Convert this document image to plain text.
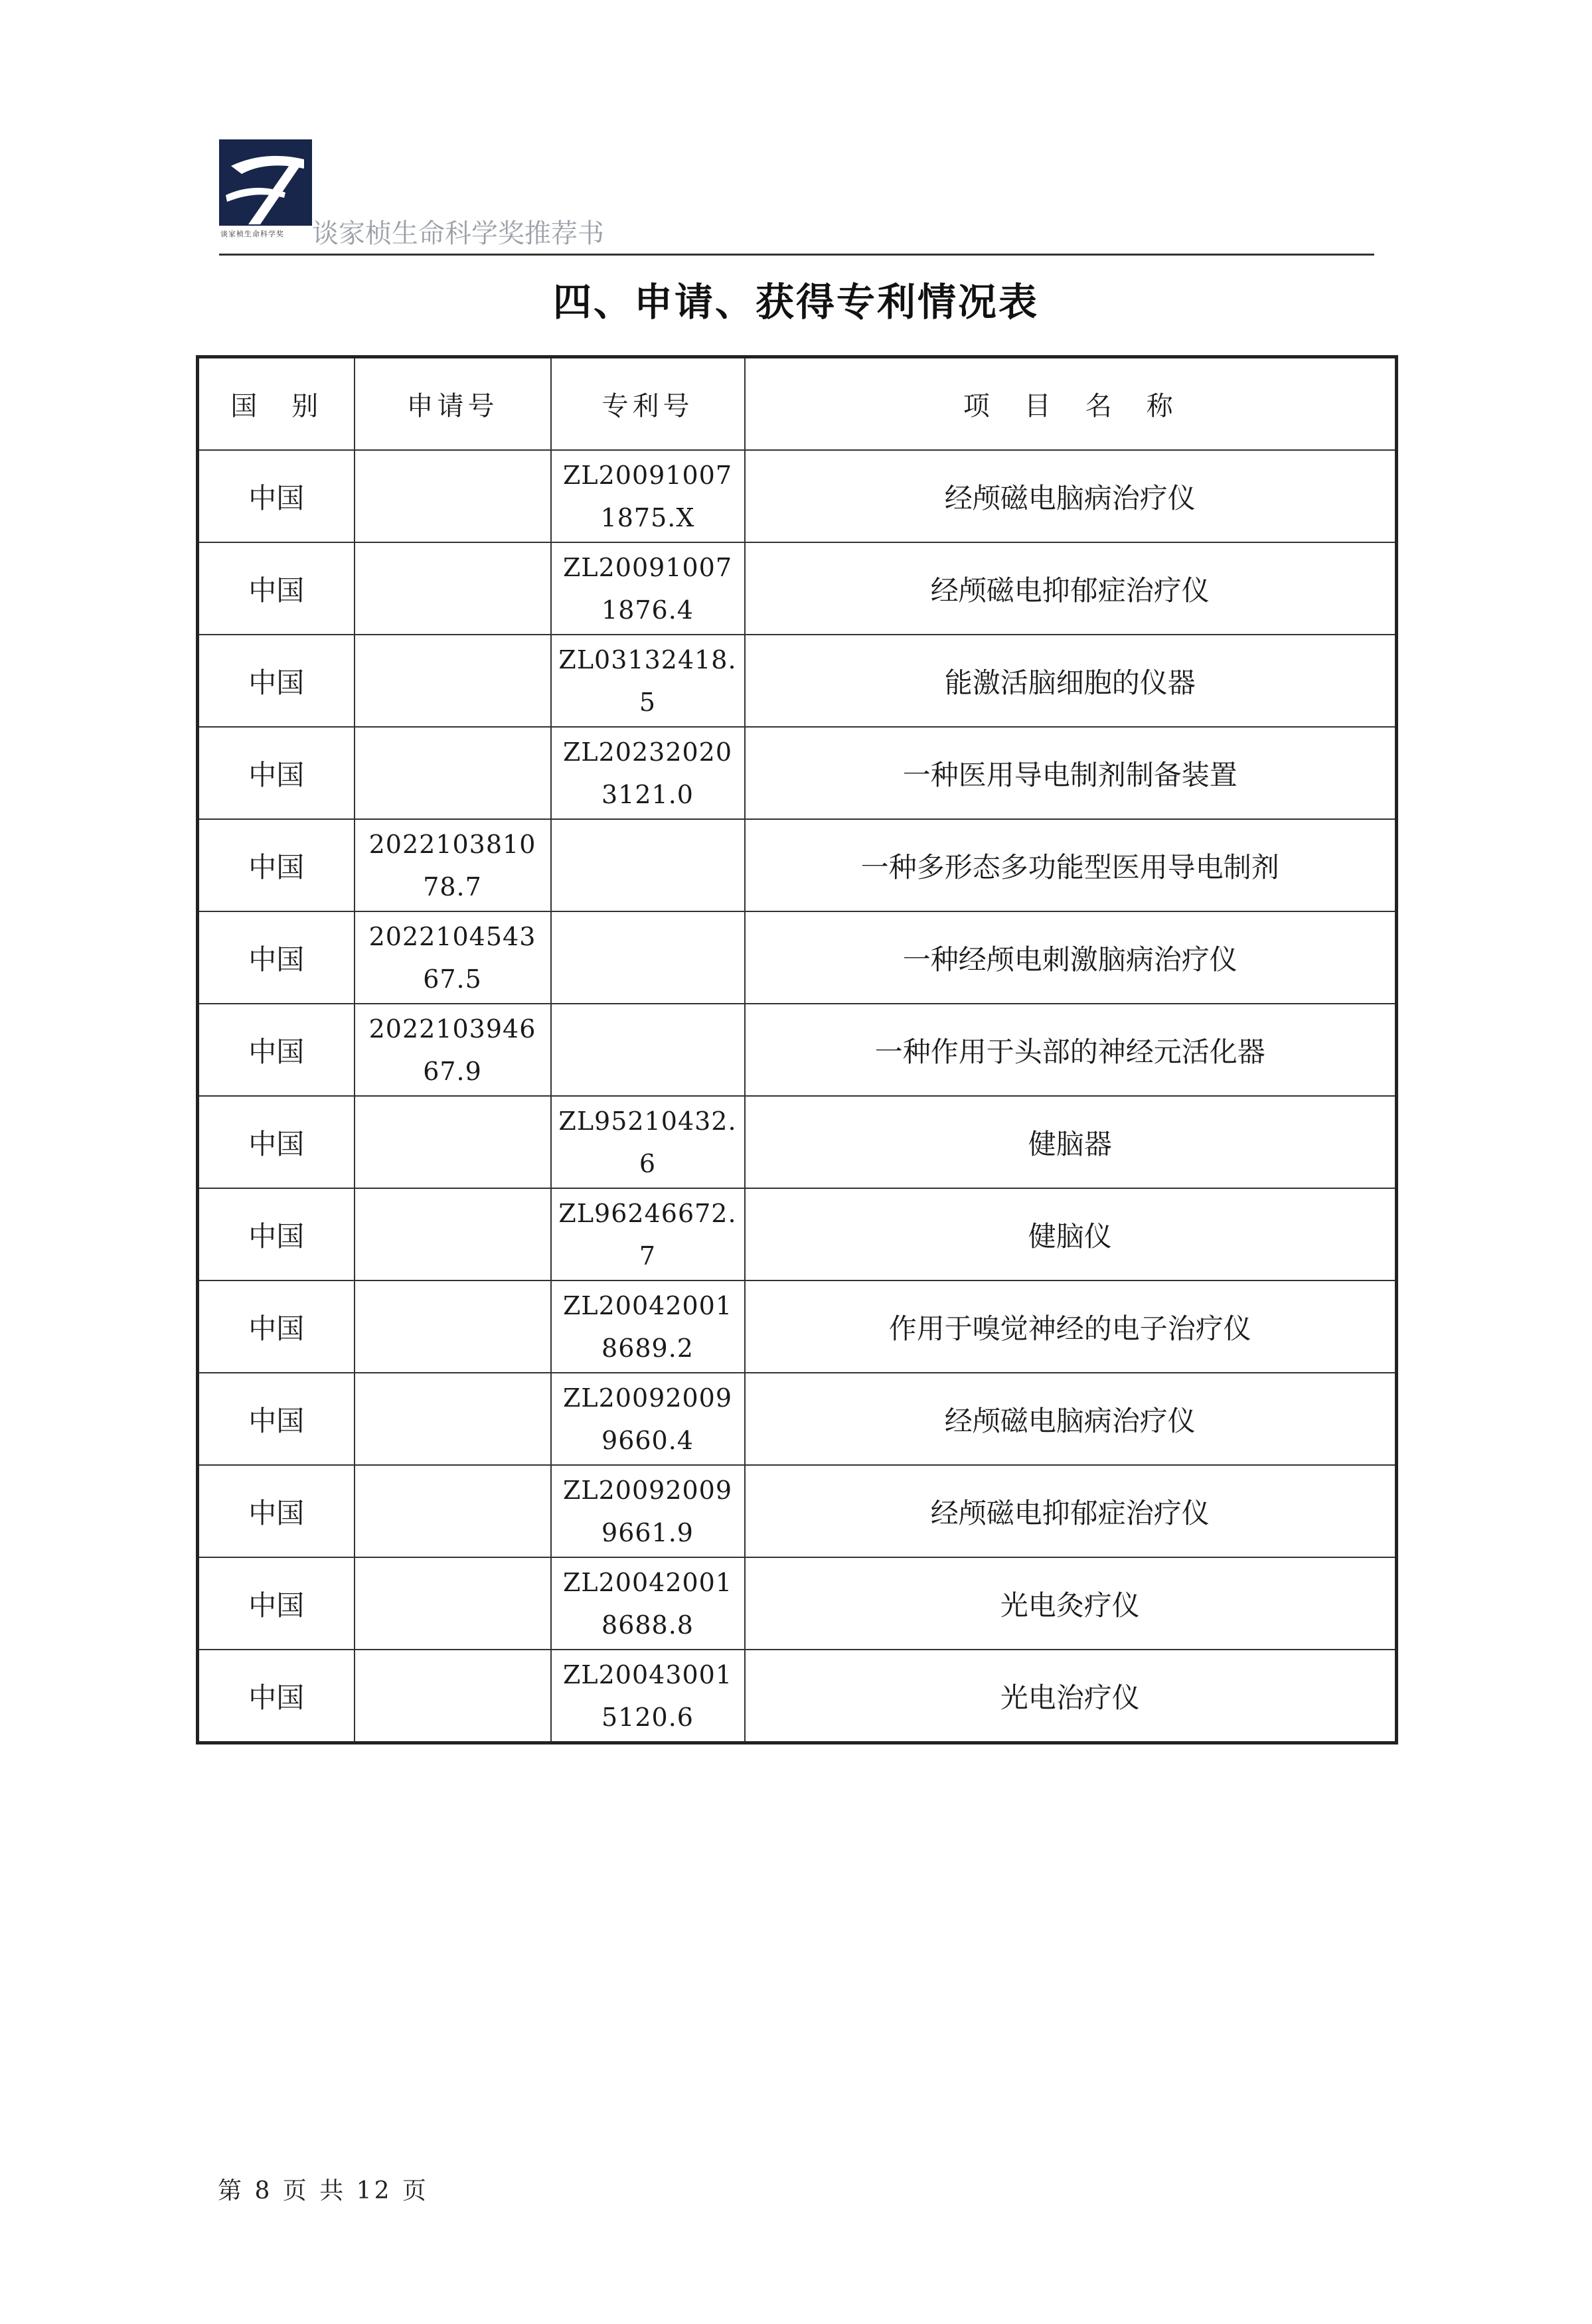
谈家桢生命科学奖	谈家桢生命科学奖推荐书
四、申请、获得专利情况表
国　别	申请号	专利号	项　目　名　称
中国		ZL200910071875.X	经颅磁电脑病治疗仪
中国		ZL200910071876.4	经颅磁电抑郁症治疗仪
中国		ZL03132418.5	能激活脑细胞的仪器
中国		ZL202320203121.0	一种医用导电制剂制备装置
中国	202210381078.7		一种多形态多功能型医用导电制剂
中国	202210454367.5		一种经颅电刺激脑病治疗仪
中国	202210394667.9		一种作用于头部的神经元活化器
中国		ZL95210432.6	健脑器
中国		ZL96246672.7	健脑仪
中国		ZL200420018689.2	作用于嗅觉神经的电子治疗仪
中国		ZL200920099660.4	经颅磁电脑病治疗仪
中国		ZL200920099661.9	经颅磁电抑郁症治疗仪
中国		ZL200420018688.8	光电灸疗仪
中国		ZL200430015120.6	光电治疗仪
第 8 页 共 12 页
